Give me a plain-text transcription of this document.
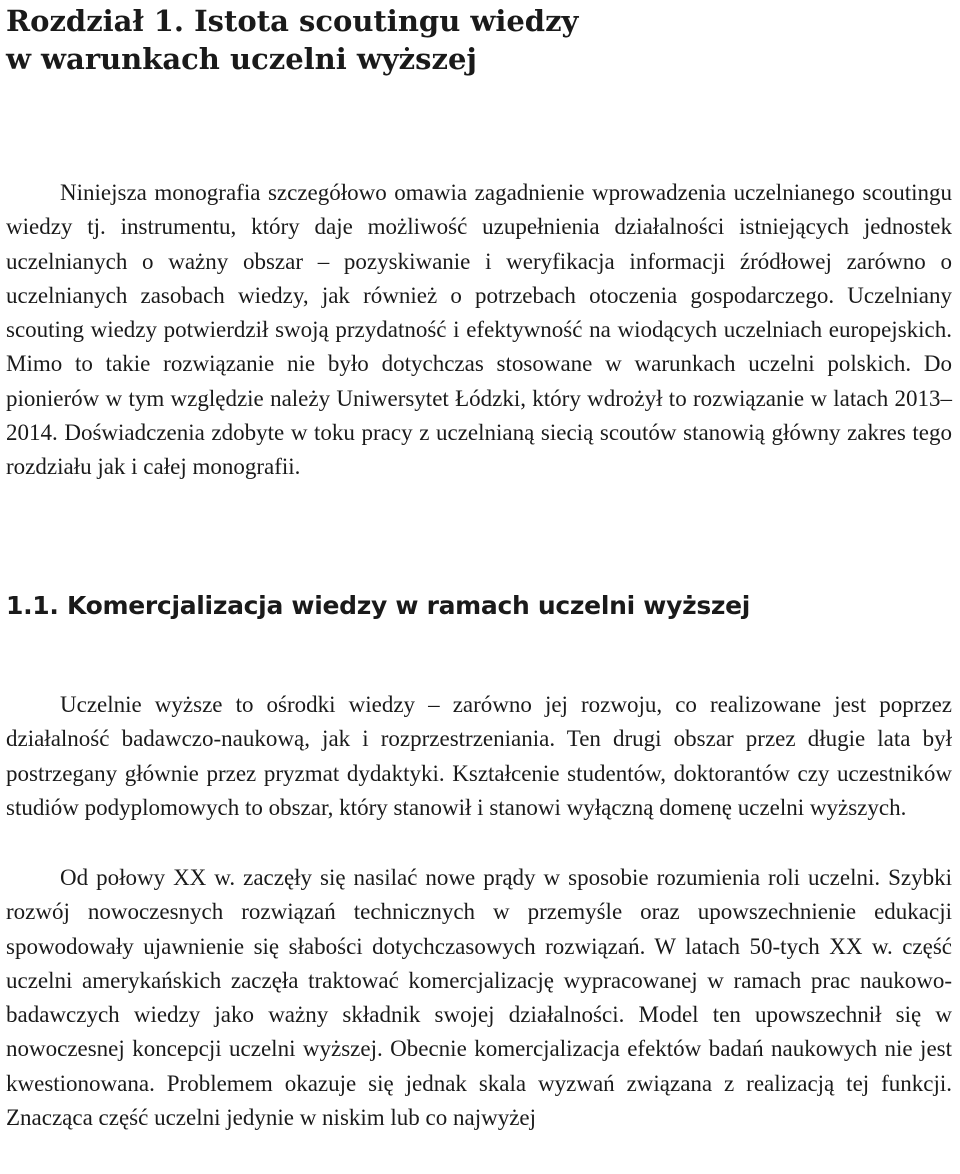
Rozdział 1. Istota scoutingu wiedzy
w warunkach uczelni wyższej

Niniejsza monografia szczegółowo omawia zagadnienie wprowadzenia uczelnianego scoutingu wiedzy tj. instrumentu, który daje możliwość uzupełnienia działalności istniejących jednostek uczelnianych o ważny obszar – pozyskiwanie i weryfikacja informacji źródłowej zarówno o uczelnianych zasobach wiedzy, jak również o potrzebach otoczenia gospodarczego. Uczelniany scouting wiedzy potwierdził swoją przydatność i efektywność na wiodących uczelniach europejskich. Mimo to takie rozwiązanie nie było dotychczas stosowane w warunkach uczelni polskich. Do pionierów w tym względzie należy Uniwersytet Łódzki, który wdrożył to rozwiązanie w latach 2013–2014. Doświadczenia zdobyte w toku pracy z uczelnianą siecią scoutów stanowią główny zakres tego rozdziału jak i całej monografii.

1.1. Komercjalizacja wiedzy w ramach uczelni wyższej

Uczelnie wyższe to ośrodki wiedzy – zarówno jej rozwoju, co realizowane jest poprzez działalność badawczo-naukową, jak i rozprzestrzeniania. Ten drugi obszar przez długie lata był postrzegany głównie przez pryzmat dydaktyki. Kształcenie studentów, doktorantów czy uczestników studiów podyplomowych to obszar, który stanowił i stanowi wyłączną domenę uczelni wyższych.

Od połowy XX w. zaczęły się nasilać nowe prądy w sposobie rozumienia roli uczelni. Szybki rozwój nowoczesnych rozwiązań technicznych w przemyśle oraz upowszechnienie edukacji spowodowały ujawnienie się słabości dotychczasowych rozwiązań. W latach 50-tych XX w. część uczelni amerykańskich zaczęła traktować komercjalizację wypracowanej w ramach prac naukowo-badawczych wiedzy jako ważny składnik swojej działalności. Model ten upowszechnił się w nowoczesnej koncepcji uczelni wyższej. Obecnie komercjalizacja efektów badań naukowych nie jest kwestionowana. Problemem okazuje się jednak skala wyzwań związana z realizacją tej funkcji. Znacząca część uczelni jedynie w niskim lub co najwyżej
